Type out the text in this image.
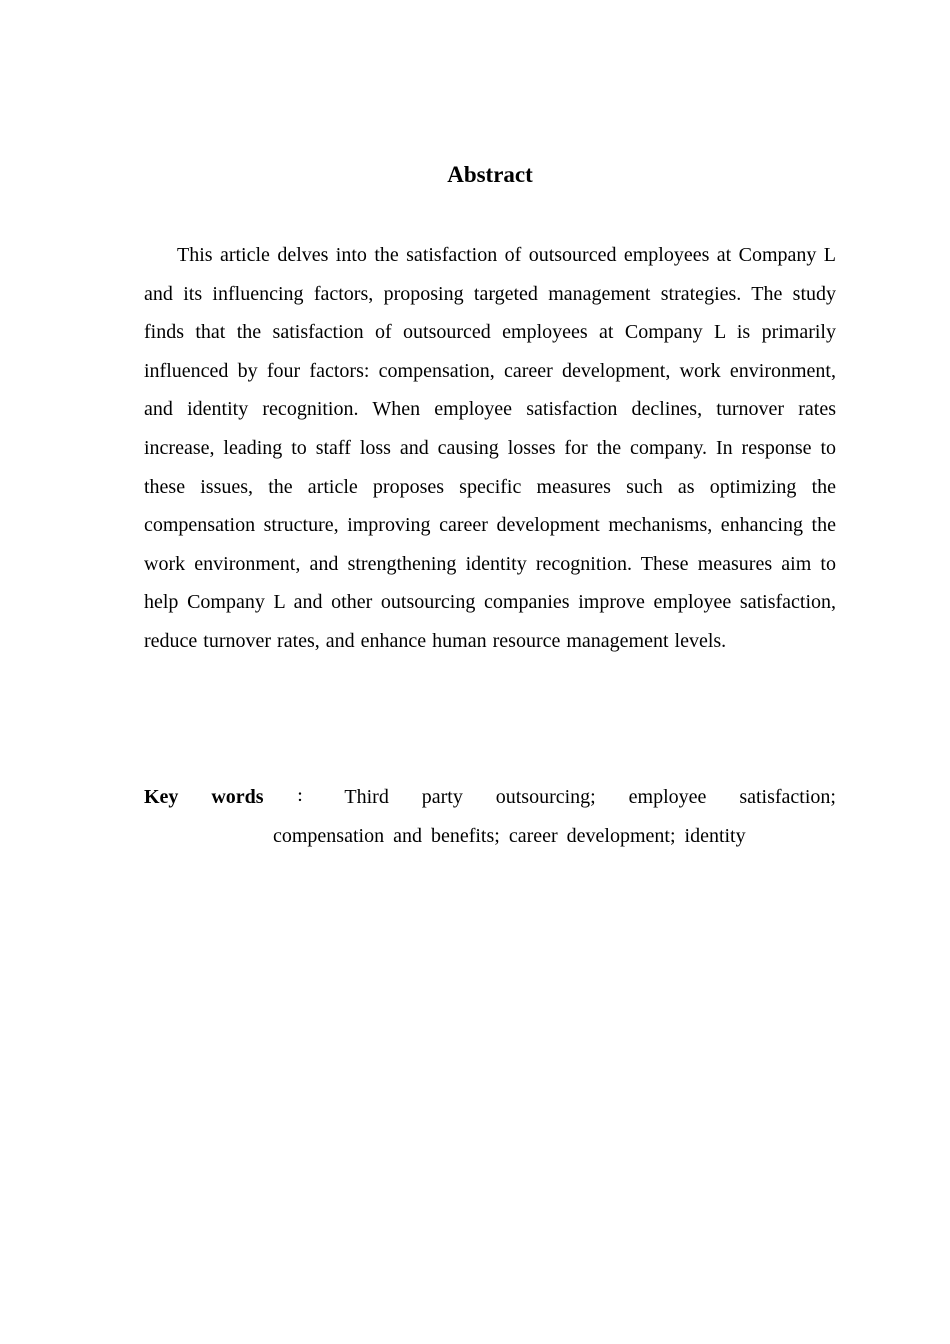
Abstract

This article delves into the satisfaction of outsourced employees at Company L and its influencing factors, proposing targeted management strategies. The study finds that the satisfaction of outsourced employees at Company L is primarily influenced by four factors: compensation, career development, work environment, and identity recognition. When employee satisfaction declines, turnover rates increase, leading to staff loss and causing losses for the company. In response to these issues, the article proposes specific measures such as optimizing the compensation structure, improving career development mechanisms, enhancing the work environment, and strengthening identity recognition. These measures aim to help Company L and other outsourcing companies improve employee satisfaction, reduce turnover rates, and enhance human resource management levels.

Key words ： Third party outsourcing; employee satisfaction;
compensation and benefits; career development; identity
